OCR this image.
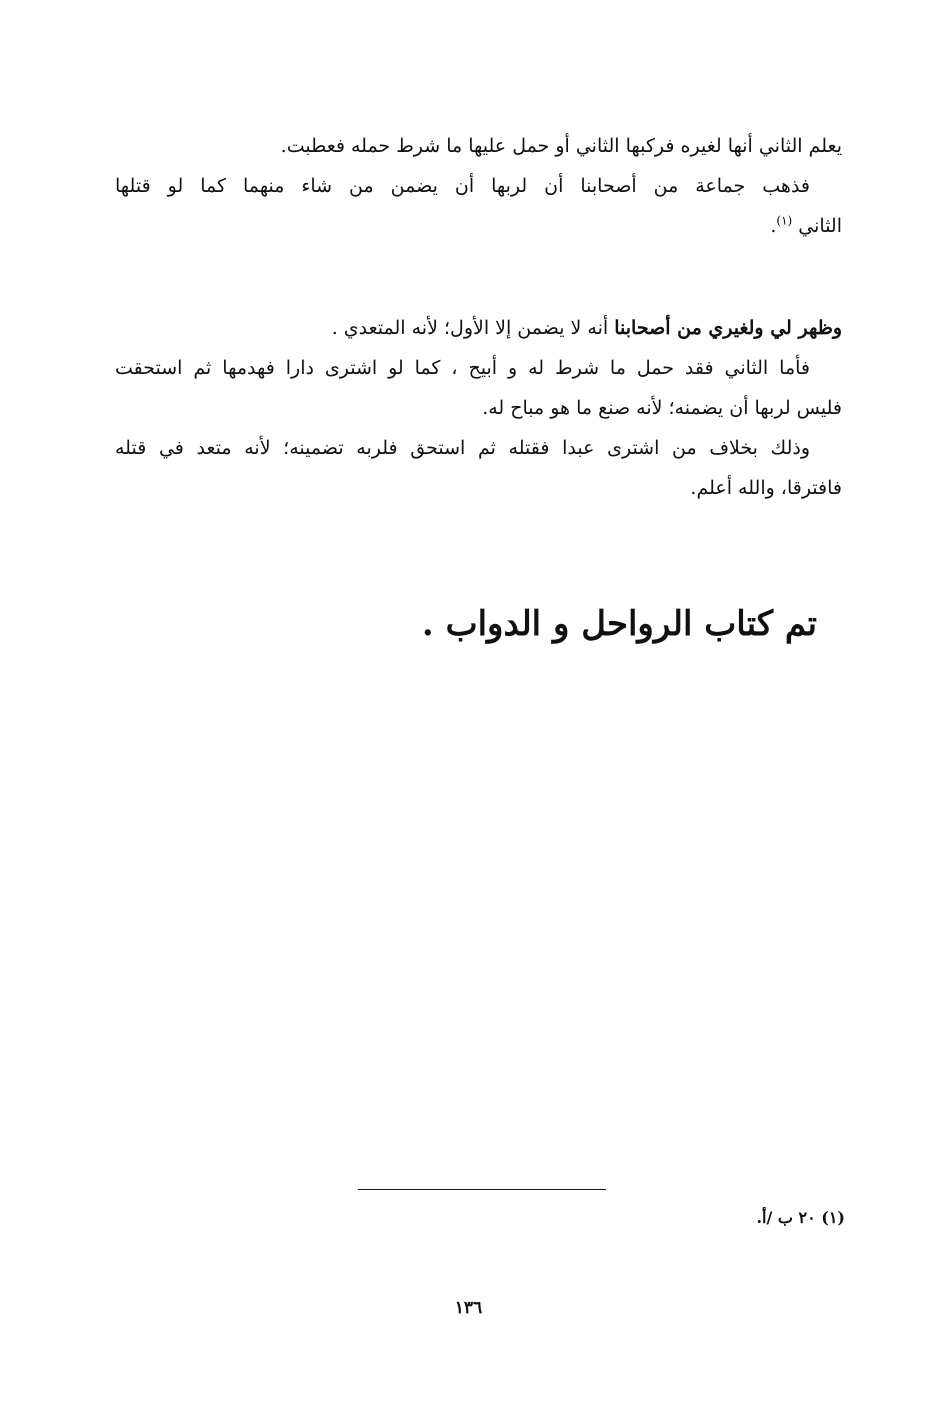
يعلم الثاني أنها لغيره فركبها الثاني أو حمل عليها ما شرط حمله فعطبت.
فذهب جماعة من أصحابنا أن لربها أن يضمن من شاء منهما كما لو قتلها
الثاني $^{(١)}$.
وظهر لي ولغيري من أصحابنا أنه لا يضمن إلا الأول؛ لأنه المتعدي .
فأما الثاني فقد حمل ما شرط له و أبيح ، كما لو اشترى دارا فهدمها ثم استحقت
فليس لربها أن يضمنه؛ لأنه صنع ما هو مباح له.
وذلك بخلاف من اشترى عبدا فقتله ثم استحق فلربه تضمينه؛ لأنه متعد في قتله
فافترقا، والله أعلم.
تم كتاب الرواحل و الدواب .
(١) ٢٠ ب /أ.
١٣٦
